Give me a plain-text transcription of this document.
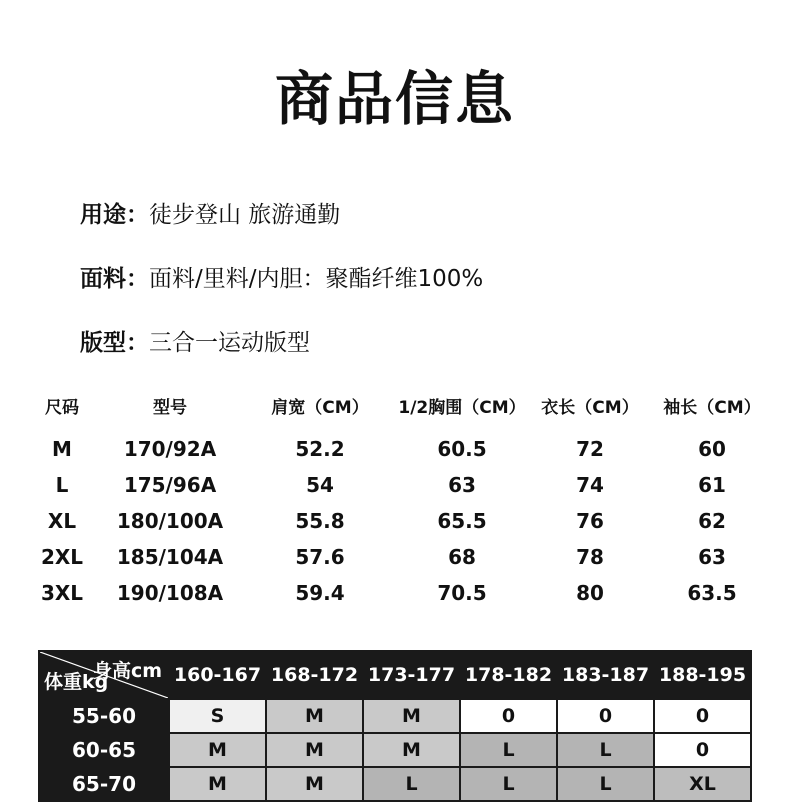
商品信息
用途：徒步登山 旅游通勤
面料：面料/里料/内胆：聚酯纤维100%
版型：三合一运动版型
尺码	型号	肩宽（CM） 1/2胸围（CM） 衣长（CM） 袖长（CM）
M	170/92A	52.2	60.5	72	60
L	175/96A	54	63	74	61
XL 180/100A	55.8	65.5	76	62
2XL 185/104A	57.6	68	78	63
3XL 190/108A	59.4	70.5	80	63.5
身高cm
体重kg	160-167	168-172	173-177	178-182	183-187	188-195
55-60	S	M	M	0	0	0
60-65	M	M	M	L	L	0
65-70	M	M	L	L	L	XL
